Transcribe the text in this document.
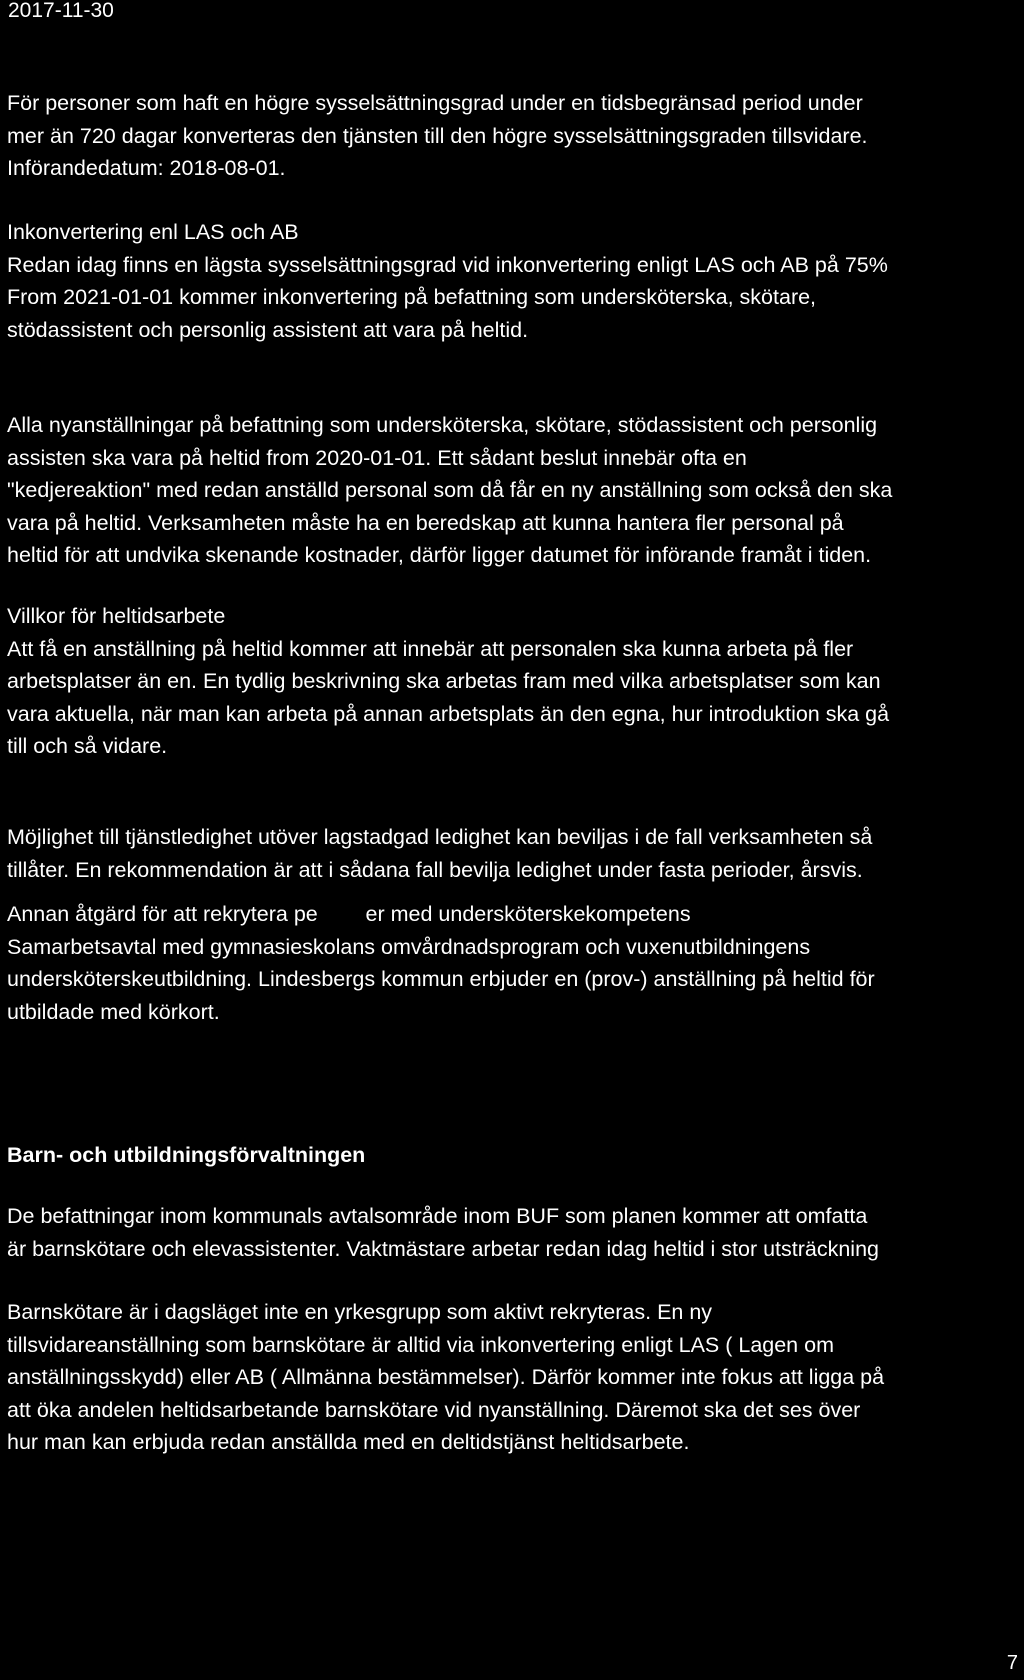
2017-11-30

För personer som haft en högre sysselsättningsgrad under en tidsbegränsad period under
mer än 720 dagar konverteras den tjänsten till den högre sysselsättningsgraden tillsvidare.
Införandedatum: 2018-08-01.

Inkonvertering enl LAS och AB
Redan idag finns en lägsta sysselsättningsgrad vid inkonvertering enligt LAS och AB på 75%
From 2021-01-01 kommer inkonvertering på befattning som undersköterska, skötare,
stödassistent och personlig assistent att vara på heltid.

Alla nyanställningar på befattning som undersköterska, skötare, stödassistent och personlig
assisten ska vara på heltid from 2020-01-01. Ett sådant beslut innebär ofta en
"kedjereaktion" med redan anställd personal som då får en ny anställning som också den ska
vara på heltid. Verksamheten måste ha en beredskap att kunna hantera fler personal på
heltid för att undvika skenande kostnader, därför ligger datumet för införande framåt i tiden.

Villkor för heltidsarbete
Att få en anställning på heltid kommer att innebär att personalen ska kunna arbeta på fler
arbetsplatser än en. En tydlig beskrivning ska arbetas fram med vilka arbetsplatser som kan
vara aktuella, när man kan arbeta på annan arbetsplats än den egna, hur introduktion ska gå
till och så vidare.

Möjlighet till tjänstledighet utöver lagstadgad ledighet kan beviljas i de fall verksamheten så
tillåter. En rekommendation är att i sådana fall bevilja ledighet under fasta perioder, årsvis.

Annan åtgärd för att rekrytera pe        er med undersköterskekompetens
Samarbetsavtal med gymnasieskolans omvårdnadsprogram och vuxenutbildningens
undersköterskeutbildning. Lindesbergs kommun erbjuder en (prov-) anställning på heltid för
utbildade med körkort.

Barn- och utbildningsförvaltningen

De befattningar inom kommunals avtalsområde inom BUF som planen kommer att omfatta
är barnskötare och elevassistenter. Vaktmästare arbetar redan idag heltid i stor utsträckning

Barnskötare är i dagsläget inte en yrkesgrupp som aktivt rekryteras. En ny
tillsvidareanställning som barnskötare är alltid via inkonvertering enligt LAS ( Lagen om
anställningsskydd) eller AB ( Allmänna bestämmelser). Därför kommer inte fokus att ligga på
att öka andelen heltidsarbetande barnskötare vid nyanställning. Däremot ska det ses över
hur man kan erbjuda redan anställda med en deltidstjänst heltidsarbete.

7
